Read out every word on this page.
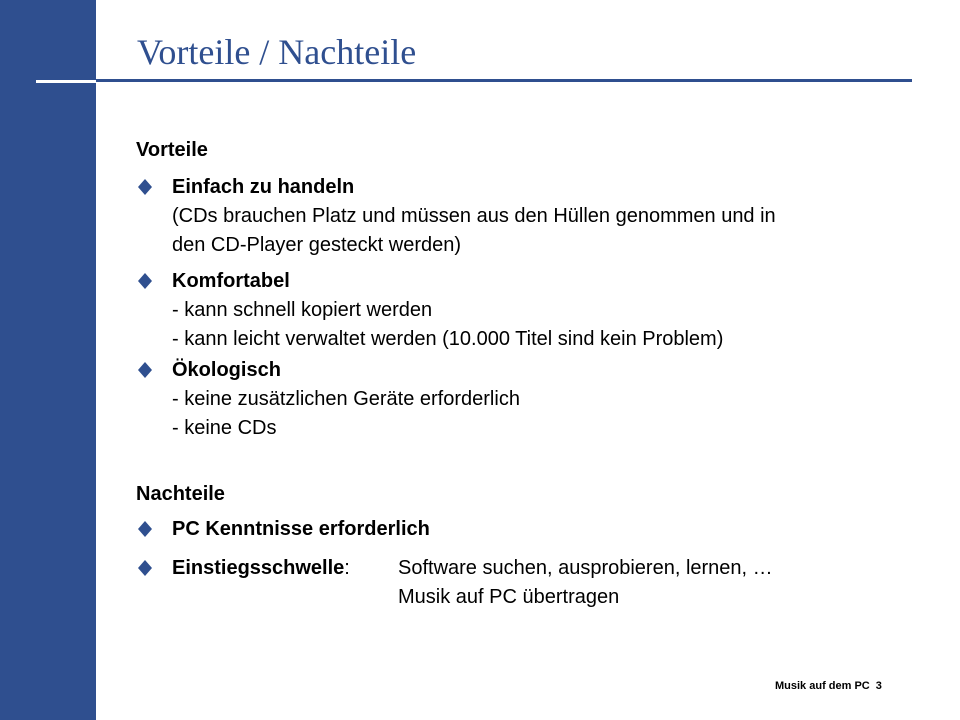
Vorteile / Nachteile
Vorteile
Einfach zu handeln
(CDs brauchen Platz und müssen aus den Hüllen genommen und in
den CD-Player gesteckt werden)
Komfortabel
- kann schnell kopiert werden
- kann leicht verwaltet werden (10.000 Titel sind kein Problem)
Ökologisch
- keine zusätzlichen Geräte erforderlich
- keine CDs
Nachteile
PC Kenntnisse erforderlich
Einstiegsschwelle: Software suchen, ausprobieren, lernen, …
Musik auf PC übertragen
Musik auf dem PC 3
